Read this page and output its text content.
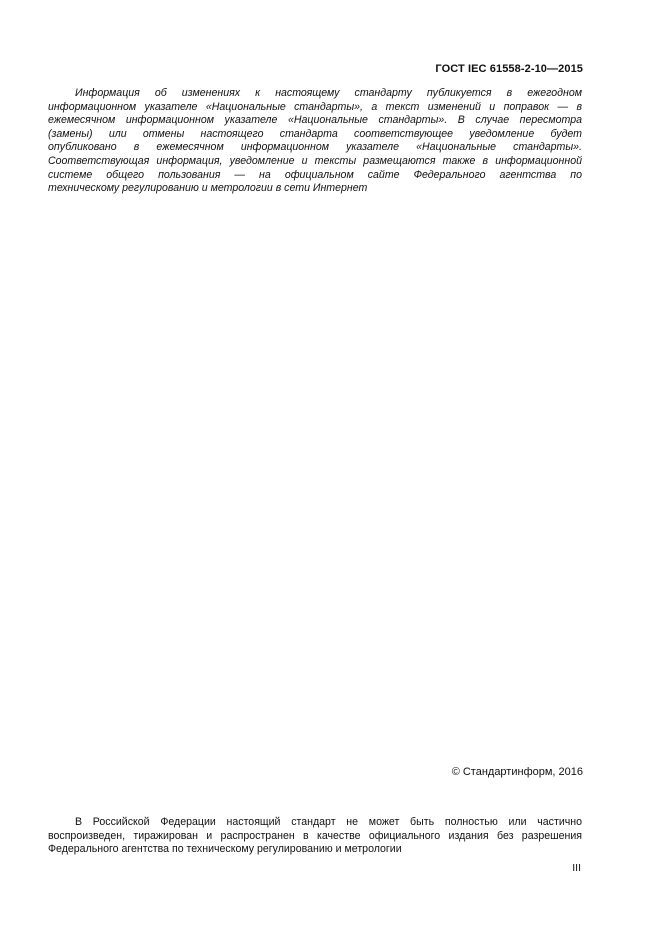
ГОСТ IEC 61558-2-10—2015
Информация об изменениях к настоящему стандарту публикуется в ежегодном
информационном указателе «Национальные стандарты», а текст изменений и поправок — в
ежемесячном информационном указателе «Национальные стандарты». В случае пересмотра
(замены) или отмены настоящего стандарта соответствующее уведомление будет
опубликовано в ежемесячном информационном указателе «Национальные стандарты».
Соответствующая информация, уведомление и тексты размещаются также в информационной
системе общего пользования — на официальном сайте Федерального агентства по
техническому регулированию и метрологии в сети Интернет
© Стандартинформ, 2016
В Российской Федерации настоящий стандарт не может быть полностью или частично
воспроизведен, тиражирован и распространен в качестве официального издания без разрешения
Федерального агентства по техническому регулированию и метрологии
III
